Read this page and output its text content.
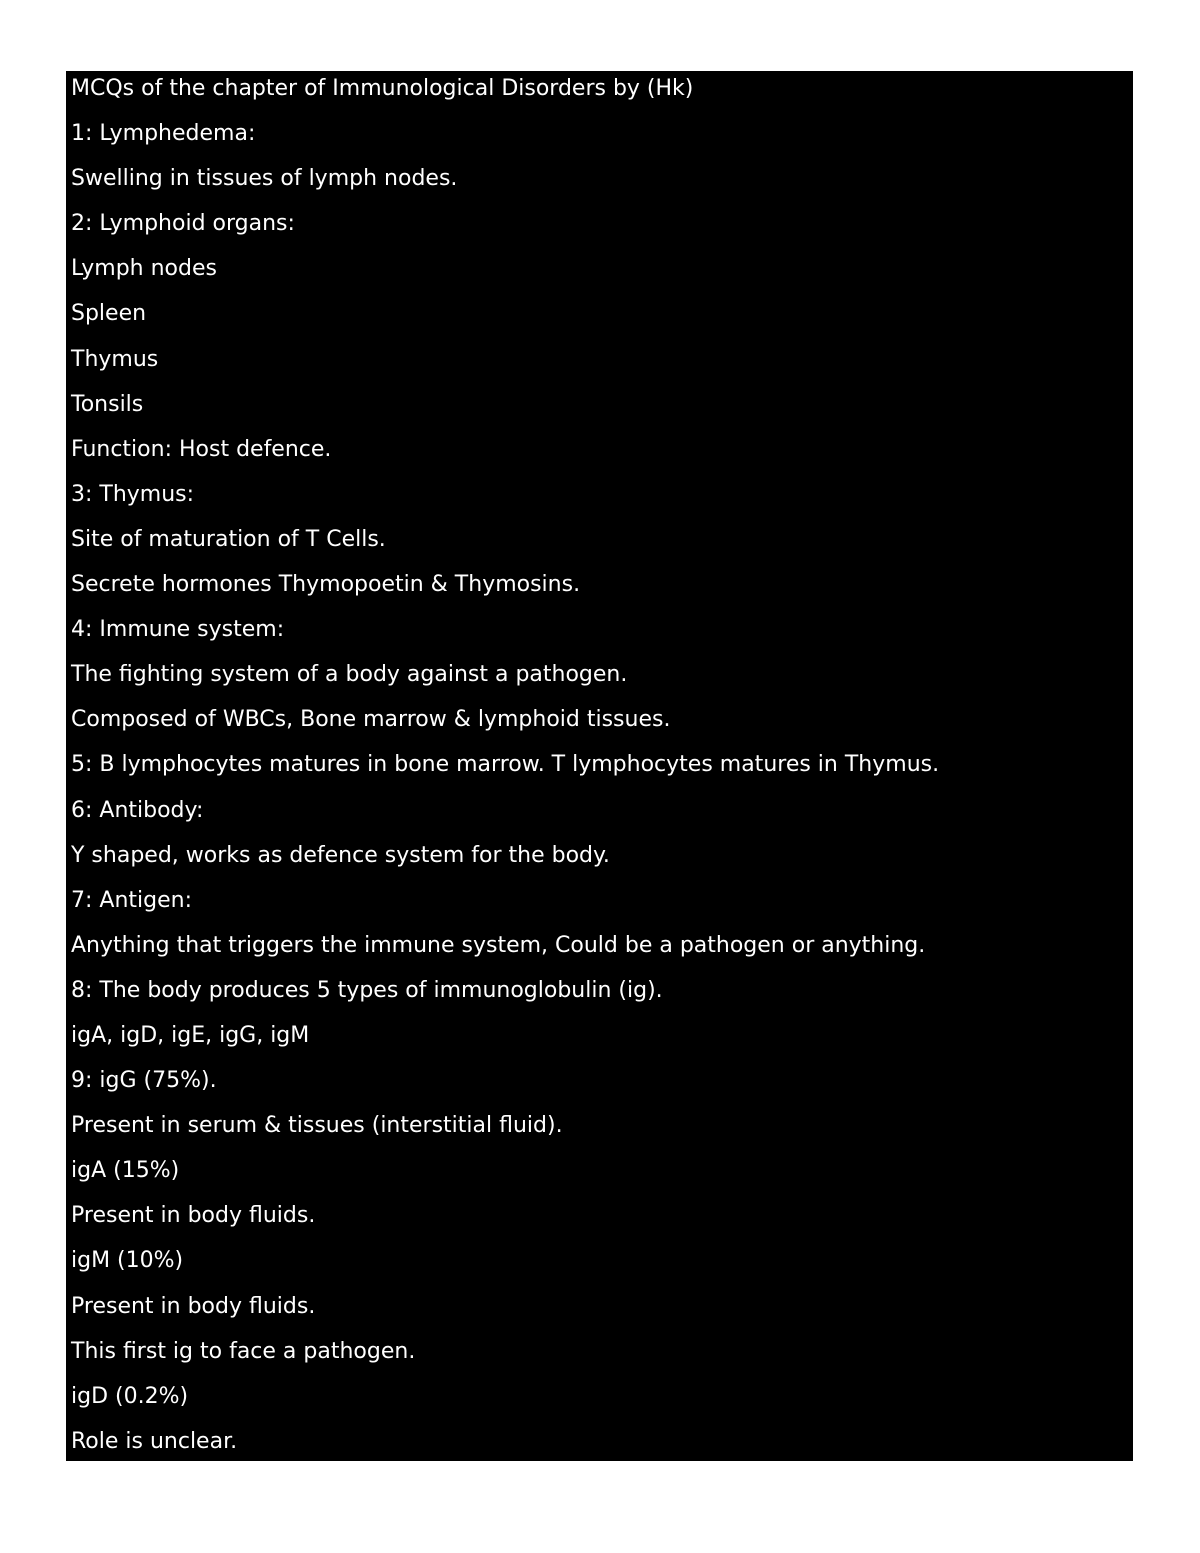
MCQs of the chapter of Immunological Disorders by (Hk)
1: Lymphedema:
Swelling in tissues of lymph nodes.
2: Lymphoid organs:
Lymph nodes
Spleen
Thymus
Tonsils
Function: Host defence.
3: Thymus:
Site of maturation of T Cells.
Secrete hormones Thymopoetin & Thymosins.
4: Immune system:
The fighting system of a body against a pathogen.
Composed of WBCs, Bone marrow & lymphoid tissues.
5: B lymphocytes matures in bone marrow. T lymphocytes matures in Thymus.
6: Antibody:
Y shaped, works as defence system for the body.
7: Antigen:
Anything that triggers the immune system, Could be a pathogen or anything.
8: The body produces 5 types of immunoglobulin (ig).
igA, igD, igE, igG, igM
9: igG (75%).
Present in serum & tissues (interstitial fluid).
igA (15%)
Present in body fluids.
igM (10%)
Present in body fluids.
This first ig to face a pathogen.
igD (0.2%)
Role is unclear.
